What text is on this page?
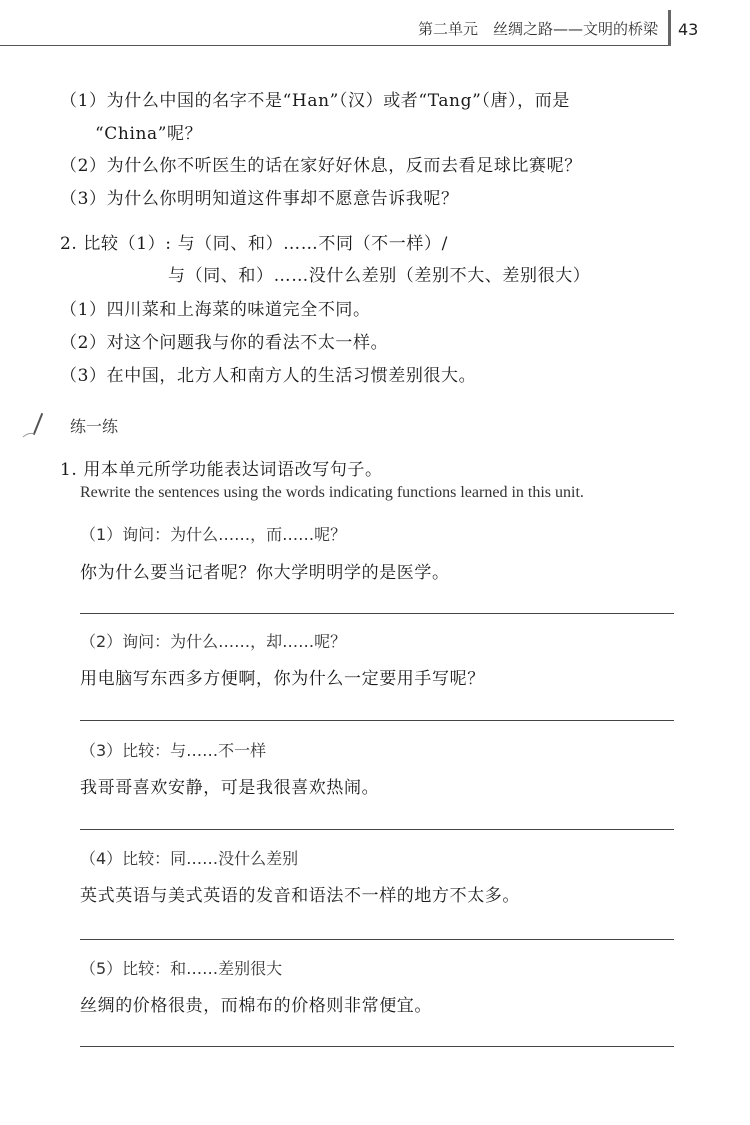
第二单元　丝绸之路——文明的桥梁 43
（1）为什么中国的名字不是“Han”（汉）或者“Tang”（唐），而是
“China”呢？
（2）为什么你不听医生的话在家好好休息，反而去看足球比赛呢？
（3）为什么你明明知道这件事却不愿意告诉我呢？
2. 比较（1）: 与（同、和）……不同（不一样）/
与（同、和）……没什么差别（差别不大、差别很大）
（1）四川菜和上海菜的味道完全不同。
（2）对这个问题我与你的看法不太一样。
（3）在中国，北方人和南方人的生活习惯差别很大。
练一练
1. 用本单元所学功能表达词语改写句子。
Rewrite the sentences using the words indicating functions learned in this unit.
（1）询问：为什么……，而……呢？
你为什么要当记者呢？你大学明明学的是医学。
（2）询问：为什么……，却……呢？
用电脑写东西多方便啊，你为什么一定要用手写呢？
（3）比较：与……不一样
我哥哥喜欢安静，可是我很喜欢热闹。
（4）比较：同……没什么差别
英式英语与美式英语的发音和语法不一样的地方不太多。
（5）比较：和……差别很大
丝绸的价格很贵，而棉布的价格则非常便宜。
